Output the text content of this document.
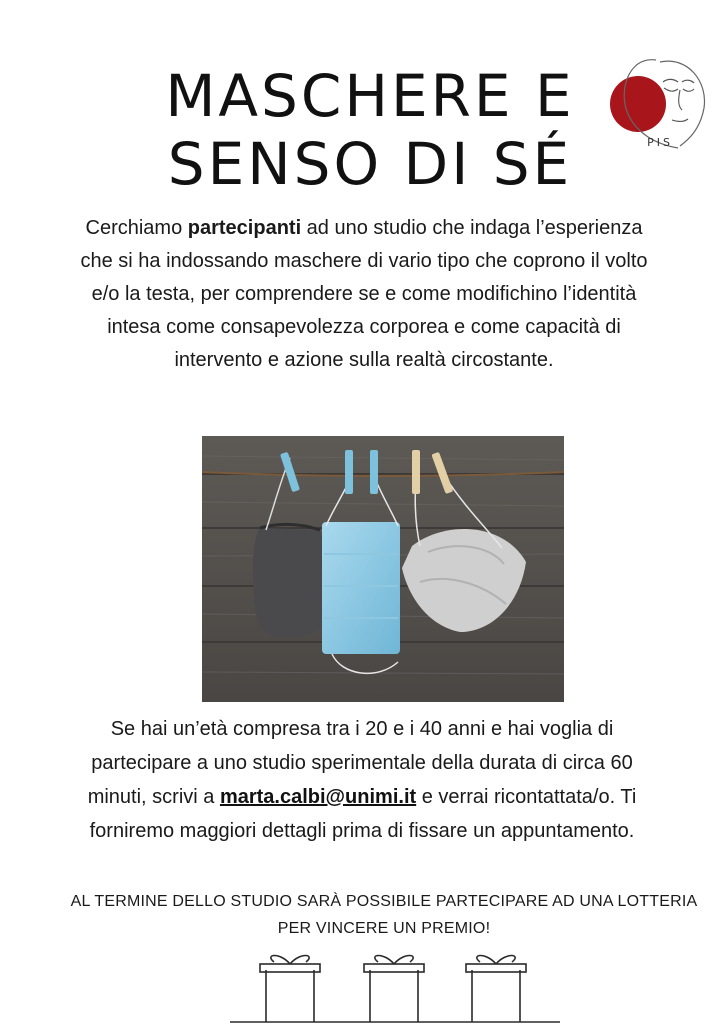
MASCHERE E
SENSO DI SÉ	PIS

Cerchiamo partecipanti ad uno studio che indaga l’esperienza che si ha indossando maschere di vario tipo che coprono il volto e/o la testa, per comprendere se e come modifichino l’identità intesa come consapevolezza corporea e come capacità di intervento e azione sulla realtà circostante.

Se hai un’età compresa tra i 20 e i 40 anni e hai voglia di partecipare a uno studio sperimentale della durata di circa 60 minuti, scrivi a marta.calbi@unimi.it e verrai ricontattata/o. Ti forniremo maggiori dettagli prima di fissare un appuntamento.

AL TERMINE DELLO STUDIO SARÀ POSSIBILE PARTECIPARE AD UNA LOTTERIA PER VINCERE UN PREMIO!
